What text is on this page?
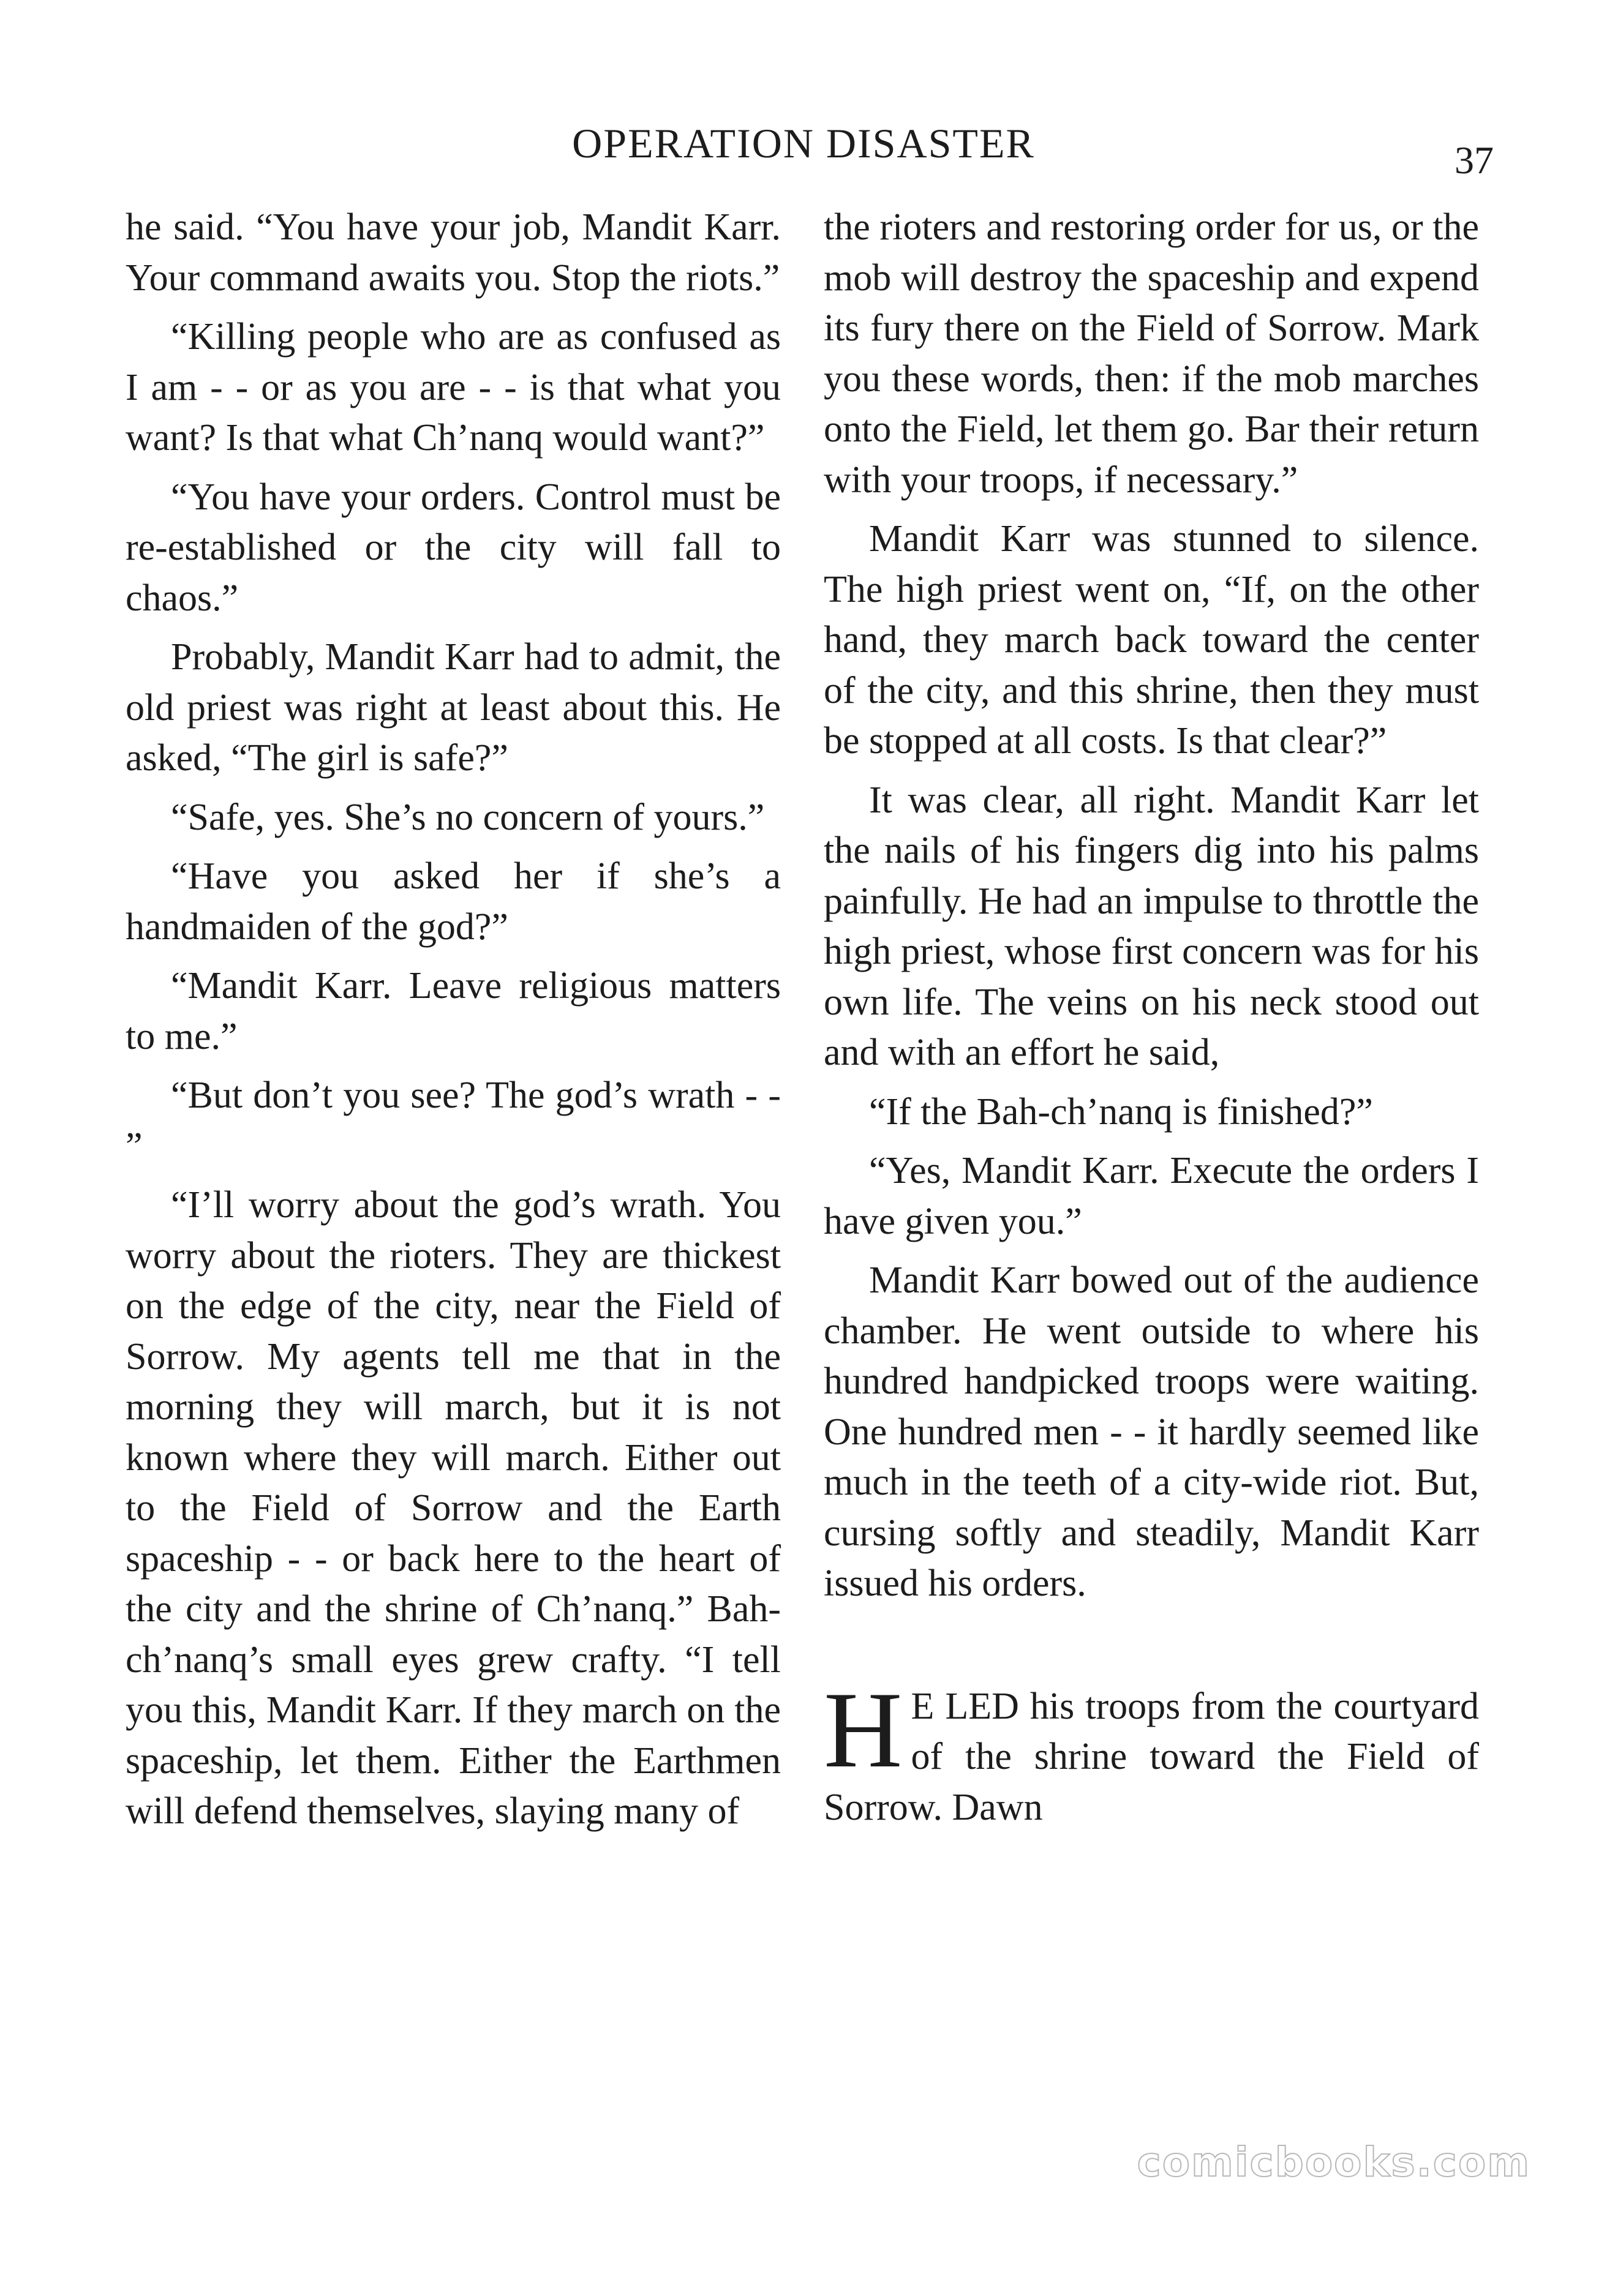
OPERATION DISASTER	37

he said. “You have your job, Mandit Karr. Your command awaits you. Stop the riots.”

“Killing people who are as confused as I am - - or as you are - - is that what you want? Is that what Ch’nanq would want?”

“You have your orders. Control must be re-established or the city will fall to chaos.”

Probably, Mandit Karr had to admit, the old priest was right at least about this. He asked, “The girl is safe?”

“Safe, yes. She’s no concern of yours.”

“Have you asked her if she’s a handmaiden of the god?”

“Mandit Karr. Leave religious matters to me.”

“But don’t you see? The god’s wrath - - ”

“I’ll worry about the god’s wrath. You worry about the rioters. They are thickest on the edge of the city, near the Field of Sorrow. My agents tell me that in the morning they will march, but it is not known where they will march. Either out to the Field of Sorrow and the Earth spaceship - - or back here to the heart of the city and the shrine of Ch’nanq.” Bah-ch’nanq’s small eyes grew crafty. “I tell you this, Mandit Karr. If they march on the spaceship, let them. Either the Earthmen will defend themselves, slaying many of

the rioters and restoring order for us, or the mob will destroy the spaceship and expend its fury there on the Field of Sorrow. Mark you these words, then: if the mob marches onto the Field, let them go. Bar their return with your troops, if necessary.”

Mandit Karr was stunned to silence. The high priest went on, “If, on the other hand, they march back toward the center of the city, and this shrine, then they must be stopped at all costs. Is that clear?”

It was clear, all right. Mandit Karr let the nails of his fingers dig into his palms painfully. He had an impulse to throttle the high priest, whose first concern was for his own life. The veins on his neck stood out and with an effort he said,

“If the Bah-ch’nanq is finished?”

“Yes, Mandit Karr. Execute the orders I have given you.”

Mandit Karr bowed out of the audience chamber. He went outside to where his hundred handpicked troops were waiting. One hundred men - - it hardly seemed like much in the teeth of a city-wide riot. But, cursing softly and steadily, Mandit Karr issued his orders.

H E LED his troops from the courtyard of the shrine toward the Field of Sorrow. Dawn

comicbooks.com
